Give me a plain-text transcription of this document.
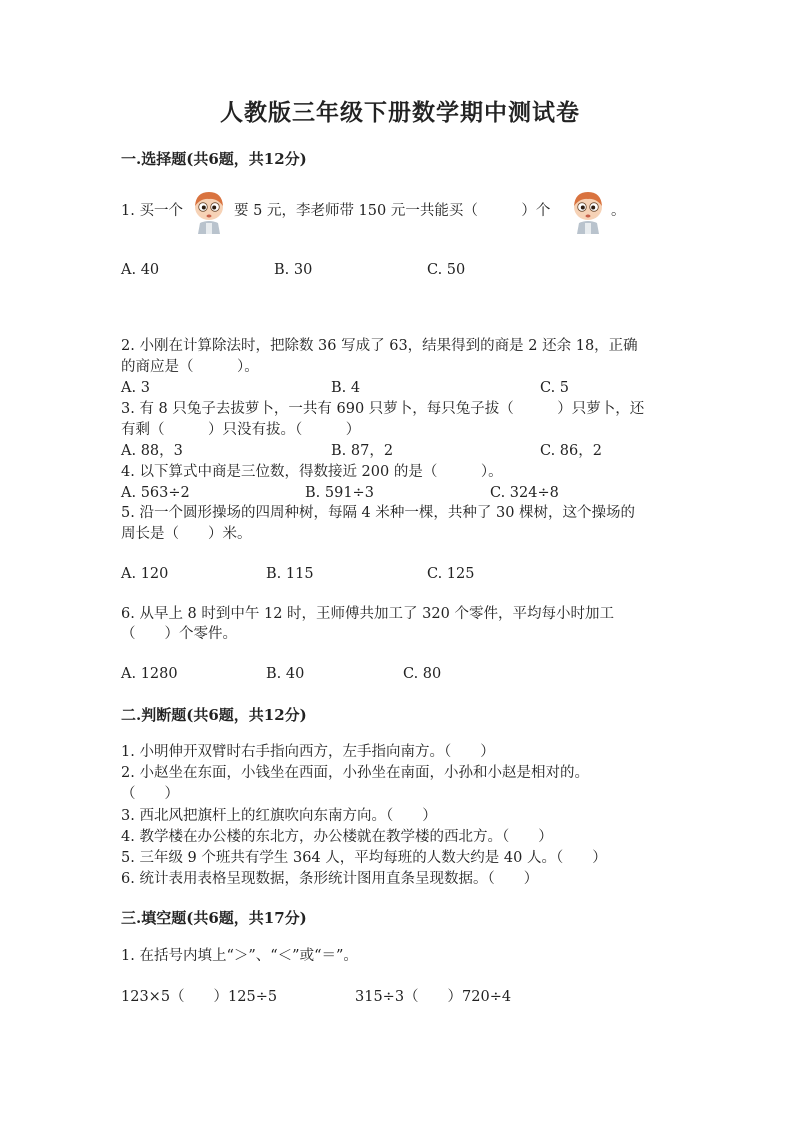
人教版三年级下册数学期中测试卷
一.选择题(共6题，共12分)
1. 买一个	要 5 元，李老师带 150 元一共能买（　　　）个	。
A. 40	B. 30	C. 50
2. 小刚在计算除法时，把除数 36 写成了 63，结果得到的商是 2 还余 18，正确
的商应是（　　　）。
A. 3	B. 4	C. 5
3. 有 8 只兔子去拔萝卜，一共有 690 只萝卜，每只兔子拔（　　　）只萝卜，还
有剩（　　　）只没有拔。（　　　）
A. 88，3	B. 87，2	C. 86，2
4. 以下算式中商是三位数，得数接近 200 的是（　　　）。
A. 563÷2	B. 591÷3	C. 324÷8
5. 沿一个圆形操场的四周种树，每隔 4 米种一棵，共种了 30 棵树，这个操场的
周长是（　　）米。
A. 120	B. 115	C. 125
6. 从早上 8 时到中午 12 时，王师傅共加工了 320 个零件，平均每小时加工
（　　）个零件。
A. 1280	B. 40	C. 80
二.判断题(共6题，共12分)
1. 小明伸开双臂时右手指向西方，左手指向南方。（　　）
2. 小赵坐在东面，小钱坐在西面，小孙坐在南面，小孙和小赵是相对的。
（　　）
3. 西北风把旗杆上的红旗吹向东南方向。（　　）
4. 教学楼在办公楼的东北方，办公楼就在教学楼的西北方。（　　）
5. 三年级 9 个班共有学生 364 人，平均每班的人数大约是 40 人。（　　）
6. 统计表用表格呈现数据，条形统计图用直条呈现数据。（　　）
三.填空题(共6题，共17分)
1. 在括号内填上“＞”、“＜”或“＝”。
123×5（　　）125÷5	315÷3（　　）720÷4
